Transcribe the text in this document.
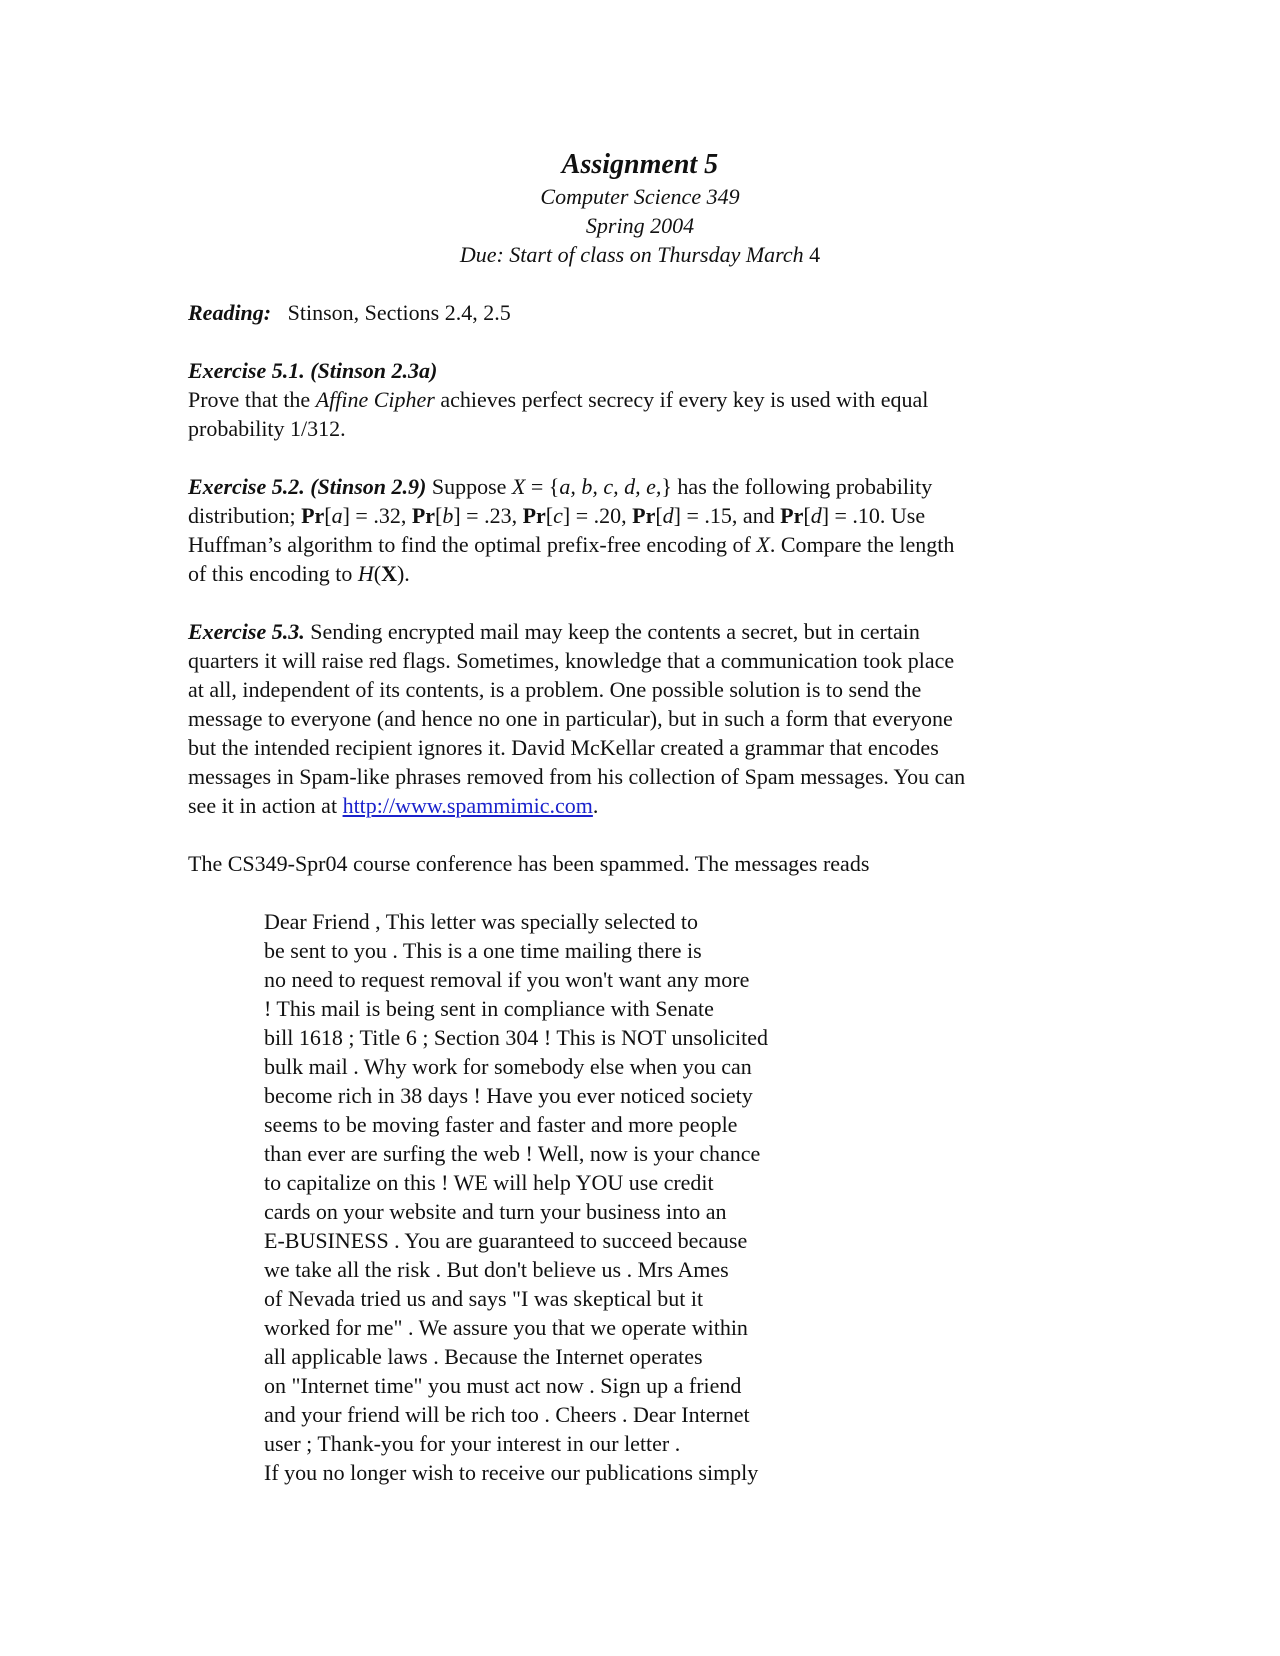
Assignment 5

Computer Science 349

Spring 2004

Due: Start of class on Thursday March 4

Reading: Stinson, Sections 2.4, 2.5

Exercise 5.1. (Stinson 2.3a)

Prove that the Affine Cipher achieves perfect secrecy if every key is used with equal

probability 1/312.

Exercise 5.2. (Stinson 2.9) Suppose X = {a, b, c, d, e,} has the following probability

distribution; Pr[a] = .32, Pr[b] = .23, Pr[c] = .20, Pr[d] = .15, and Pr[d] = .10. Use

Huffman’s algorithm to find the optimal prefix-free encoding of X. Compare the length

of this encoding to H(X).

Exercise 5.3. Sending encrypted mail may keep the contents a secret, but in certain

quarters it will raise red flags. Sometimes, knowledge that a communication took place

at all, independent of its contents, is a problem. One possible solution is to send the

message to everyone (and hence no one in particular), but in such a form that everyone

but the intended recipient ignores it. David McKellar created a grammar that encodes

messages in Spam-like phrases removed from his collection of Spam messages. You can

see it in action at http://www.spammimic.com.

The CS349-Spr04 course conference has been spammed. The messages reads

Dear Friend , This letter was specially selected to
be sent to you . This is a one time mailing there is
no need to request removal if you won't want any more
! This mail is being sent in compliance with Senate
bill 1618 ; Title 6 ; Section 304 ! This is NOT unsolicited
bulk mail . Why work for somebody else when you can
become rich in 38 days ! Have you ever noticed society
seems to be moving faster and faster and more people
than ever are surfing the web ! Well, now is your chance
to capitalize on this ! WE will help YOU use credit
cards on your website and turn your business into an
E-BUSINESS . You are guaranteed to succeed because
we take all the risk . But don't believe us . Mrs Ames
of Nevada tried us and says "I was skeptical but it
worked for me" . We assure you that we operate within
all applicable laws . Because the Internet operates
on "Internet time" you must act now . Sign up a friend
and your friend will be rich too . Cheers . Dear Internet
user ; Thank-you for your interest in our letter .
If you no longer wish to receive our publications simply
